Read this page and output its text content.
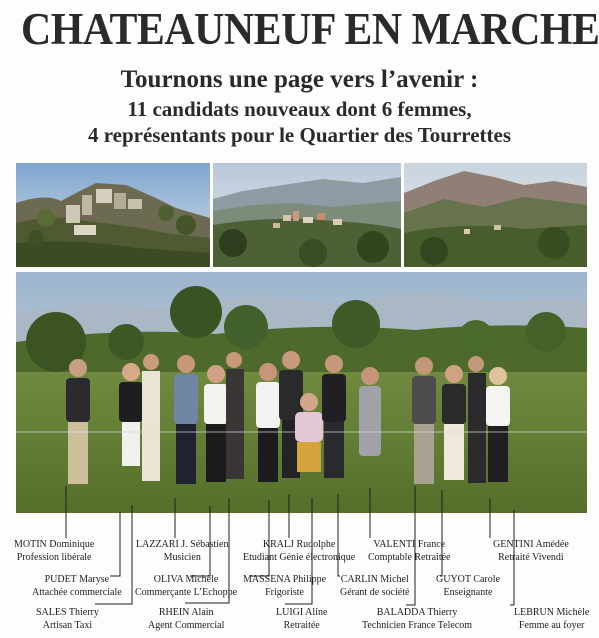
CHATEAUNEUF EN MARCHE
Tournons une page vers l’avenir :
11 candidats nouveaux dont 6 femmes,
4 représentants pour le Quartier des Tourrettes
MOTIN Dominique
Profession libérale
PUDET Maryse
Attachée commerciale
SALES Thierry
Artisan Taxi
LAZZARI J. Sébastien
Musicien
OLIVA Michèle
Commerçante L’Echoppe
RHEIN Alain
Agent Commercial
KRALJ Rudolphe
Etudiant Génie électronique
MASSENA Philippe
Frigoriste
LUIGI Aline
Retraitée
VALENTI France
Comptable Retraitée
CARLIN Michel
Gérant de société
BALADDA Thierry
Technicien France Telecom
GUYOT Carole
Enseignante
GENTINI Amédée
Retraité Vivendi
LEBRUN Michèle
Femme au foyer
